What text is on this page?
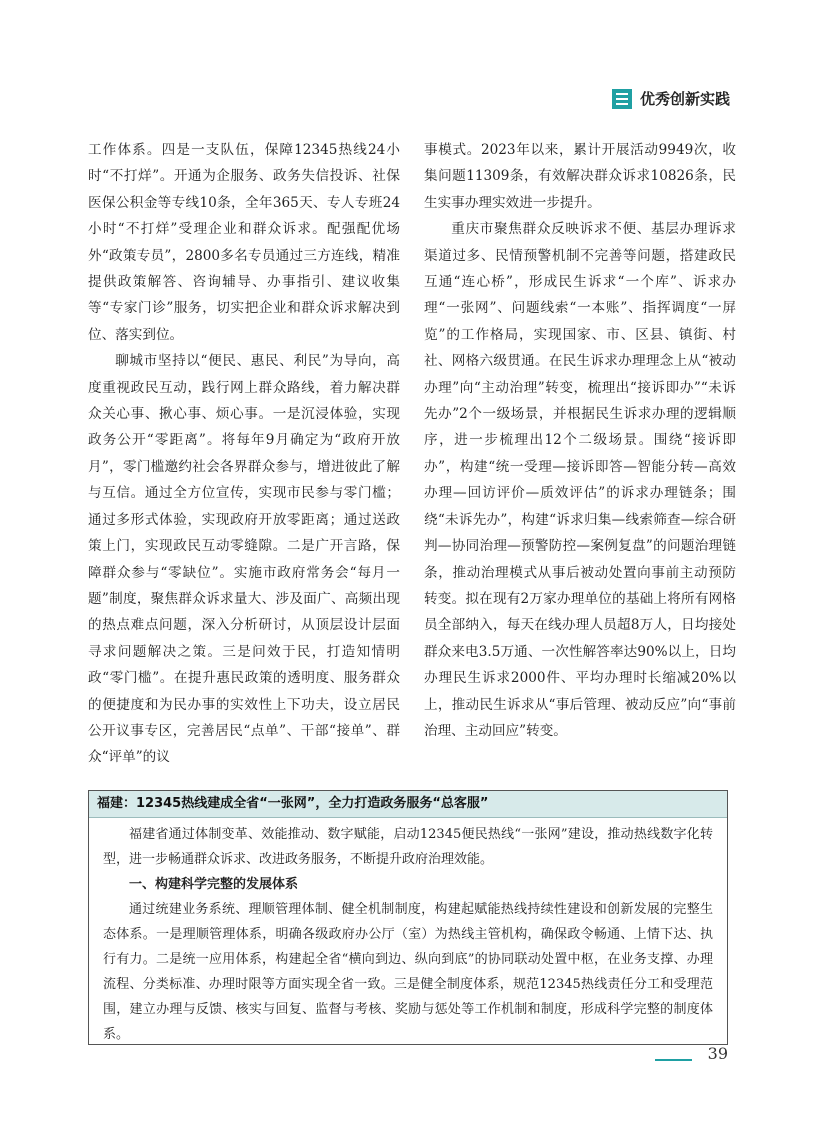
优秀创新实践

工作体系。四是一支队伍，保障12345热线24小时“不打烊”。开通为企服务、政务失信投诉、社保医保公积金等专线10条，全年365天、专人专班24小时“不打烊”受理企业和群众诉求。配强配优场外“政策专员”，2800多名专员通过三方连线，精准提供政策解答、咨询辅导、办事指引、建议收集等“专家门诊”服务，切实把企业和群众诉求解决到位、落实到位。

聊城市坚持以“便民、惠民、利民”为导向，高度重视政民互动，践行网上群众路线，着力解决群众关心事、揪心事、烦心事。一是沉浸体验，实现政务公开“零距离”。将每年9月确定为“政府开放月”，零门槛邀约社会各界群众参与，增进彼此了解与互信。通过全方位宣传，实现市民参与零门槛；通过多形式体验，实现政府开放零距离；通过送政策上门，实现政民互动零缝隙。二是广开言路，保障群众参与“零缺位”。实施市政府常务会“每月一题”制度，聚焦群众诉求量大、涉及面广、高频出现的热点难点问题，深入分析研讨，从顶层设计层面寻求问题解决之策。三是问效于民，打造知情明政“零门槛”。在提升惠民政策的透明度、服务群众的便捷度和为民办事的实效性上下功夫，设立居民公开议事专区，完善居民“点单”、干部“接单”、群众“评单”的议

事模式。2023年以来，累计开展活动9949次，收集问题11309条，有效解决群众诉求10826条，民生实事办理实效进一步提升。

重庆市聚焦群众反映诉求不便、基层办理诉求渠道过多、民情预警机制不完善等问题，搭建政民互通“连心桥”，形成民生诉求“一个库”、诉求办理“一张网”、问题线索“一本账”、指挥调度“一屏览”的工作格局，实现国家、市、区县、镇街、村社、网格六级贯通。在民生诉求办理理念上从“被动办理”向“主动治理”转变，梳理出“接诉即办”“未诉先办”2个一级场景，并根据民生诉求办理的逻辑顺序，进一步梳理出12个二级场景。围绕“接诉即办”，构建“统一受理—接诉即答—智能分转—高效办理—回访评价—质效评估”的诉求办理链条；围绕“未诉先办”，构建“诉求归集—线索筛查—综合研判—协同治理—预警防控—案例复盘”的问题治理链条，推动治理模式从事后被动处置向事前主动预防转变。拟在现有2万家办理单位的基础上将所有网格员全部纳入，每天在线办理人员超8万人，日均接处群众来电3.5万通、一次性解答率达90%以上，日均办理民生诉求2000件、平均办理时长缩减20%以上，推动民生诉求从“事后管理、被动反应”向“事前治理、主动回应”转变。

福建：12345热线建成全省“一张网”，全力打造政务服务“总客服”

福建省通过体制变革、效能推动、数字赋能，启动12345便民热线“一张网”建设，推动热线数字化转型，进一步畅通群众诉求、改进政务服务，不断提升政府治理效能。

一、构建科学完整的发展体系

通过统建业务系统、理顺管理体制、健全机制制度，构建起赋能热线持续性建设和创新发展的完整生态体系。一是理顺管理体系，明确各级政府办公厅（室）为热线主管机构，确保政令畅通、上情下达、执行有力。二是统一应用体系，构建起全省“横向到边、纵向到底”的协同联动处置中枢，在业务支撑、办理流程、分类标准、办理时限等方面实现全省一致。三是健全制度体系，规范12345热线责任分工和受理范围，建立办理与反馈、核实与回复、监督与考核、奖励与惩处等工作机制和制度，形成科学完整的制度体系。

39
